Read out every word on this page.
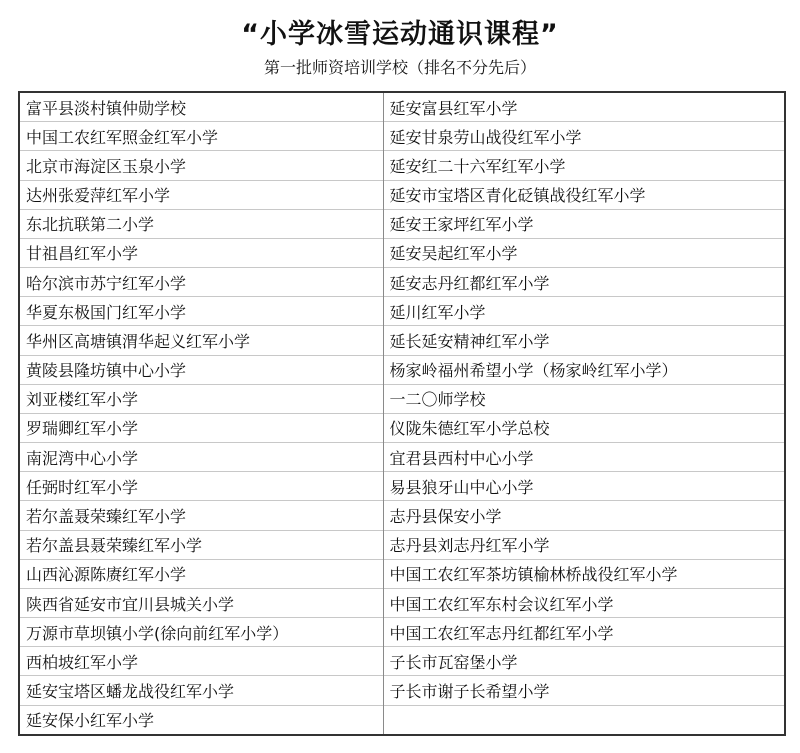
“小学冰雪运动通识课程”
第一批师资培训学校（排名不分先后）
富平县淡村镇仲勋学校	延安富县红军小学
中国工农红军照金红军小学	延安甘泉劳山战役红军小学
北京市海淀区玉泉小学	延安红二十六军红军小学
达州张爱萍红军小学	延安市宝塔区青化砭镇战役红军小学
东北抗联第二小学	延安王家坪红军小学
甘祖昌红军小学	延安吴起红军小学
哈尔滨市苏宁红军小学	延安志丹红都红军小学
华夏东极国门红军小学	延川红军小学
华州区高塘镇渭华起义红军小学	延长延安精神红军小学
黄陵县隆坊镇中心小学	杨家岭福州希望小学（杨家岭红军小学）
刘亚楼红军小学	一二〇师学校
罗瑞卿红军小学	仪陇朱德红军小学总校
南泥湾中心小学	宜君县西村中心小学
任弼时红军小学	易县狼牙山中心小学
若尔盖聂荣臻红军小学	志丹县保安小学
若尔盖县聂荣臻红军小学	志丹县刘志丹红军小学
山西沁源陈赓红军小学	中国工农红军茶坊镇榆林桥战役红军小学
陕西省延安市宜川县城关小学	中国工农红军东村会议红军小学
万源市草坝镇小学(徐向前红军小学）	中国工农红军志丹红都红军小学
西柏坡红军小学	子长市瓦窑堡小学
延安宝塔区蟠龙战役红军小学	子长市谢子长希望小学
延安保小红军小学	
